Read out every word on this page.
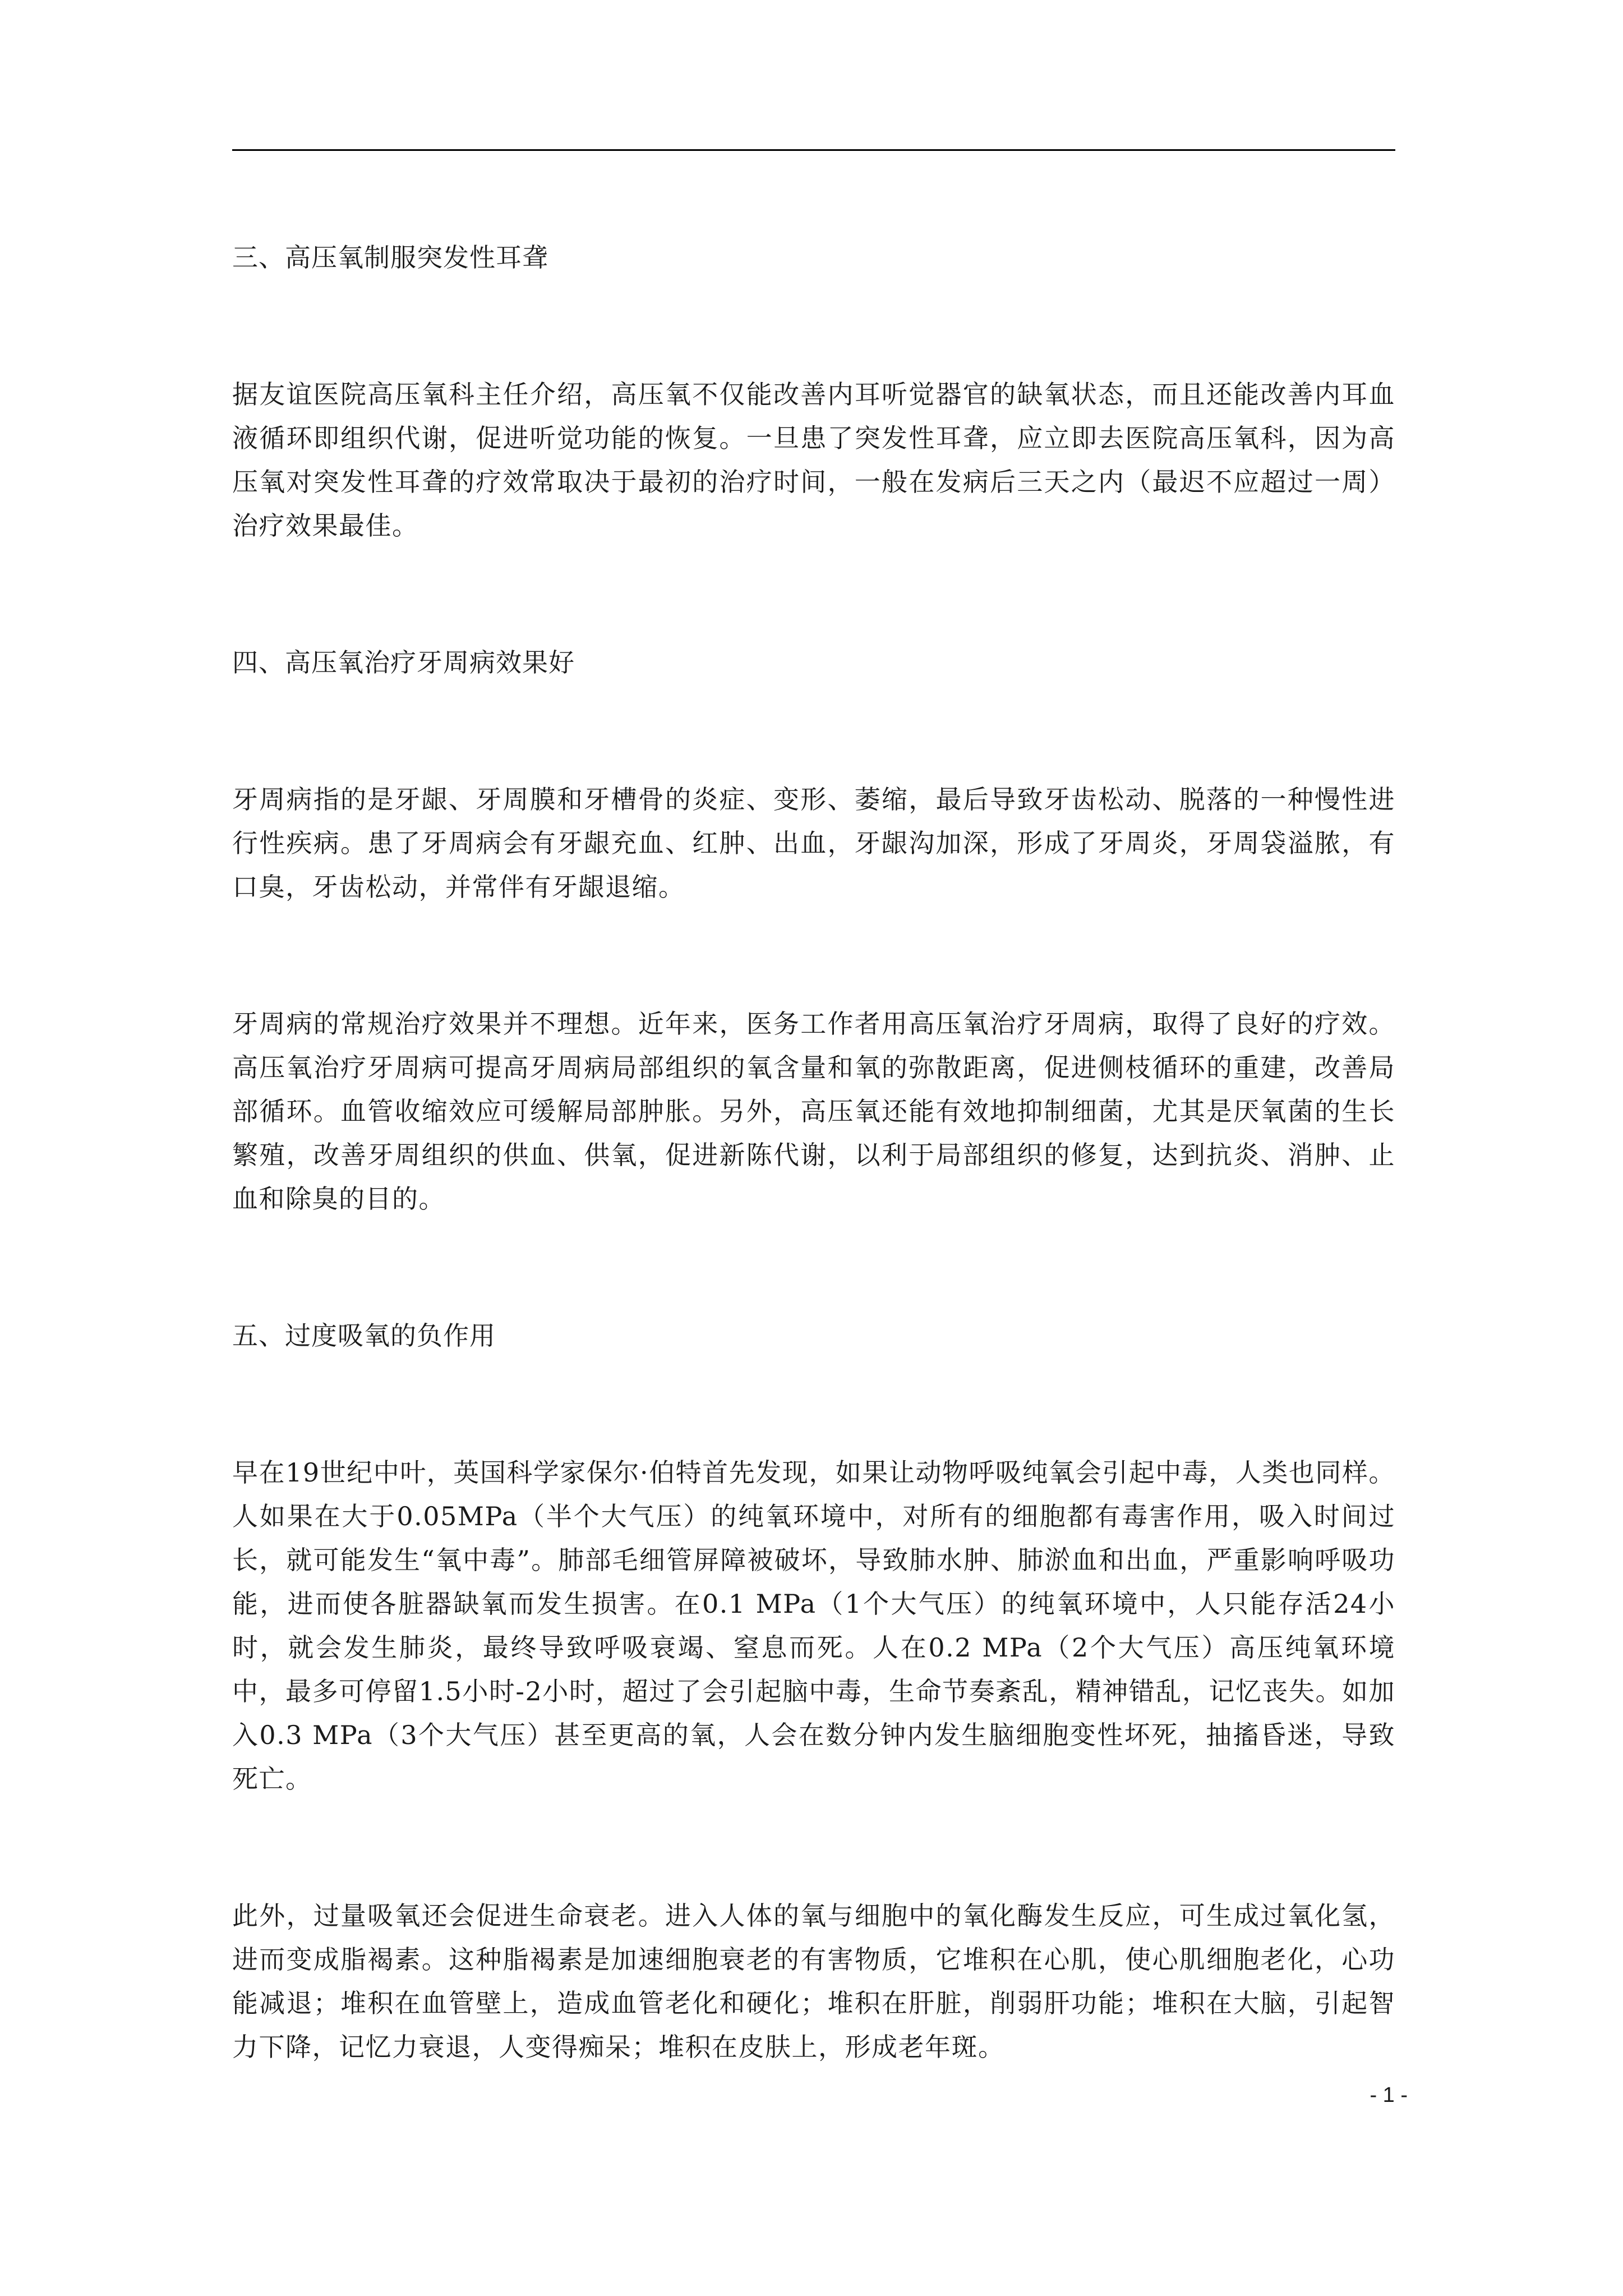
三、高压氧制服突发性耳聋

据友谊医院高压氧科主任介绍，高压氧不仅能改善内耳听觉器官的缺氧状态，而且还能改善内耳血液循环即组织代谢，促进听觉功能的恢复。一旦患了突发性耳聋，应立即去医院高压氧科，因为高压氧对突发性耳聋的疗效常取决于最初的治疗时间，一般在发病后三天之内（最迟不应超过一周）治疗效果最佳。

四、高压氧治疗牙周病效果好

牙周病指的是牙龈、牙周膜和牙槽骨的炎症、变形、萎缩，最后导致牙齿松动、脱落的一种慢性进行性疾病。患了牙周病会有牙龈充血、红肿、出血，牙龈沟加深，形成了牙周炎，牙周袋溢脓，有口臭，牙齿松动，并常伴有牙龈退缩。

牙周病的常规治疗效果并不理想。近年来，医务工作者用高压氧治疗牙周病，取得了良好的疗效。高压氧治疗牙周病可提高牙周病局部组织的氧含量和氧的弥散距离，促进侧枝循环的重建，改善局部循环。血管收缩效应可缓解局部肿胀。另外，高压氧还能有效地抑制细菌，尤其是厌氧菌的生长繁殖，改善牙周组织的供血、供氧，促进新陈代谢，以利于局部组织的修复，达到抗炎、消肿、止血和除臭的目的。

五、过度吸氧的负作用

早在19世纪中叶，英国科学家保尔·伯特首先发现，如果让动物呼吸纯氧会引起中毒，人类也同样。人如果在大于0.05MPa（半个大气压）的纯氧环境中，对所有的细胞都有毒害作用，吸入时间过长，就可能发生“氧中毒”。肺部毛细管屏障被破坏，导致肺水肿、肺淤血和出血，严重影响呼吸功能，进而使各脏器缺氧而发生损害。在0.1 MPa（1个大气压）的纯氧环境中，人只能存活24小时，就会发生肺炎，最终导致呼吸衰竭、窒息而死。人在0.2 MPa（2个大气压）高压纯氧环境中，最多可停留1.5小时-2小时，超过了会引起脑中毒，生命节奏紊乱，精神错乱，记忆丧失。如加入0.3 MPa（3个大气压）甚至更高的氧，人会在数分钟内发生脑细胞变性坏死，抽搐昏迷，导致死亡。

此外，过量吸氧还会促进生命衰老。进入人体的氧与细胞中的氧化酶发生反应，可生成过氧化氢，进而变成脂褐素。这种脂褐素是加速细胞衰老的有害物质，它堆积在心肌，使心肌细胞老化，心功能减退；堆积在血管壁上，造成血管老化和硬化；堆积在肝脏，削弱肝功能；堆积在大脑，引起智力下降，记忆力衰退，人变得痴呆；堆积在皮肤上，形成老年斑。

- 1 -
